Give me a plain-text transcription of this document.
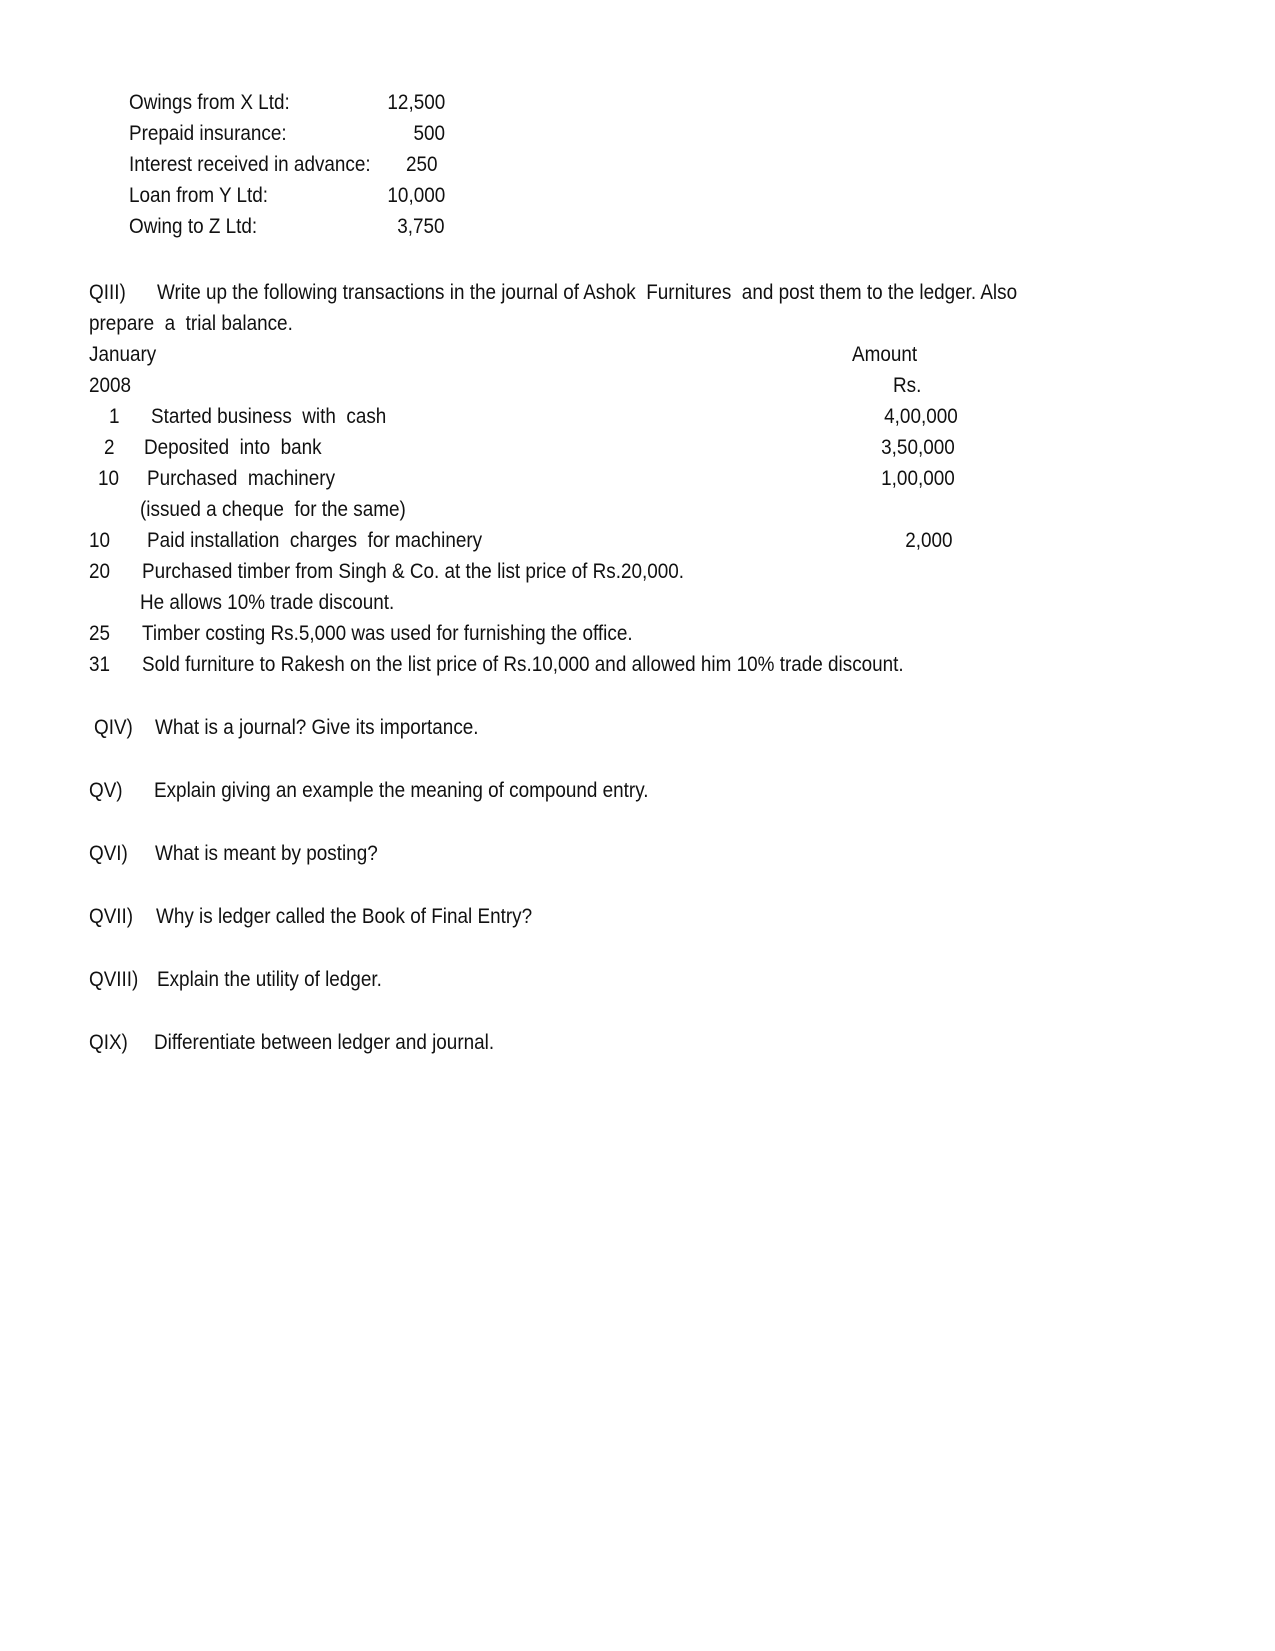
Owings from X Ltd:	12,500
Prepaid insurance:	500
Interest received in advance: 250
Loan from Y Ltd:	10,000
Owing to Z Ltd:	3,750
QIII) Write up the following transactions in the journal of Ashok  Furnitures  and post them to the ledger. Also
prepare  a  trial balance.
January	Amount
2008	Rs.
1 Started business  with  cash	4,00,000
2 Deposited  into  bank	3,50,000
10 Purchased  machinery	1,00,000
(issued a cheque  for the same)
10 Paid installation  charges  for machinery	2,000
20 Purchased timber from Singh & Co. at the list price of Rs.20,000.
He allows 10% trade discount.
25 Timber costing Rs.5,000 was used for furnishing the office.
31 Sold furniture to Rakesh on the list price of Rs.10,000 and allowed him 10% trade discount.
QIV) What is a journal? Give its importance.
QV) Explain giving an example the meaning of compound entry.
QVI) What is meant by posting?
QVII) Why is ledger called the Book of Final Entry?
QVIII) Explain the utility of ledger.
QIX) Differentiate between ledger and journal.
